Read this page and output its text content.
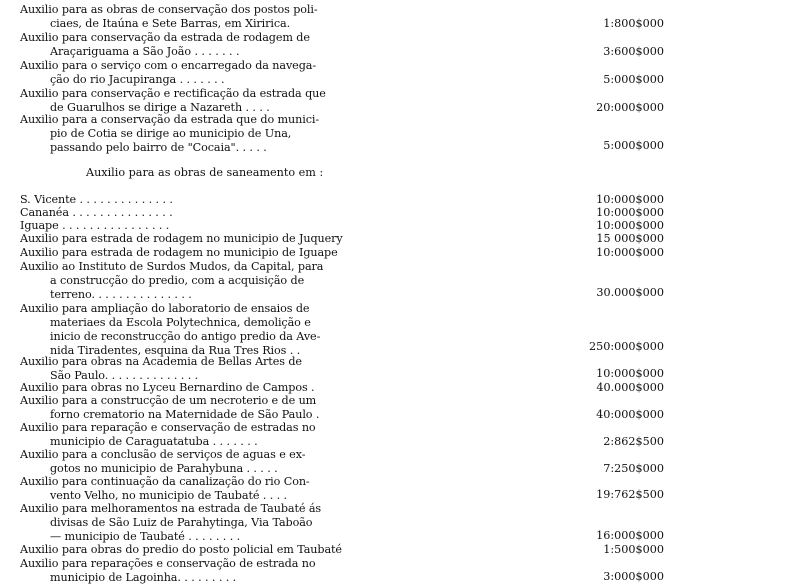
Auxilio para as obras de conservação dos postos poli-
ciaes, de Itaúna e Sete Barras, em Xiririca.	1:800$000
Auxilio para conservação da estrada de rodagem de
Araçariguama a São João . . . . . . .	3:600$000
Auxilio para o serviço com o encarregado da navega-
ção do rio Jacupiranga . . . . . . .	5:000$000
Auxilio para conservação e rectificação da estrada que
de Guarulhos se dirige a Nazareth . . . .	20:000$000
Auxilio para a conservação da estrada que do munici-
pio de Cotia se dirige ao municipio de Una,
passando pelo bairro de "Cocaia". . . . .	5:000$000
Auxilio para as obras de saneamento em :
S. Vicente . . . . . . . . . . . . . .	10:000$000
Cananéa . . . . . . . . . . . . . . .	10:000$000
Iguape . . . . . . . . . . . . . . . .	10:000$000
Auxilio para estrada de rodagem no municipio de Juquery	15 000$000
Auxilio para estrada de rodagem no municipio de Iguape	10:000$000
Auxilio ao Instituto de Surdos Mudos, da Capital, para
a construcção do predio, com a acquisição de
terreno. . . . . . . . . . . . . . .	30.000$000
Auxilio para ampliação do laboratorio de ensaios de
materiaes da Escola Polytechnica, demolição e
inicio de reconstrucção do antigo predio da Ave-
nida Tiradentes, esquina da Rua Tres Rios . .	250:000$000
Auxilio para obras na Academia de Bellas Artes de
São Paulo. . . . . . . . . . . . . .	10:000$000
Auxilio para obras no Lyceu Bernardino de Campos .	40.000$000
Auxilio para a construcção de um necroterio e de um
forno crematorio na Maternidade de São Paulo .	40:000$000
Auxilio para reparação e conservação de estradas no
municipio de Caraguatatuba . . . . . . .	2:862$500
Auxilio para a conclusão de serviços de aguas e ex-
gotos no municipio de Parahybuna . . . . .	7:250$000
Auxilio para continuação da canalização do rio Con-
vento Velho, no municipio de Taubaté . . . .	19:762$500
Auxilio para melhoramentos na estrada de Taubaté ás
divisas de São Luiz de Parahytinga, Via Taboão
— municipio de Taubaté . . . . . . . .	16:000$000
Auxilio para obras do predio do posto policial em Taubaté	1:500$000
Auxilio para reparações e conservação de estrada no
municipio de Lagoinha. . . . . . . . .	3:000$000
